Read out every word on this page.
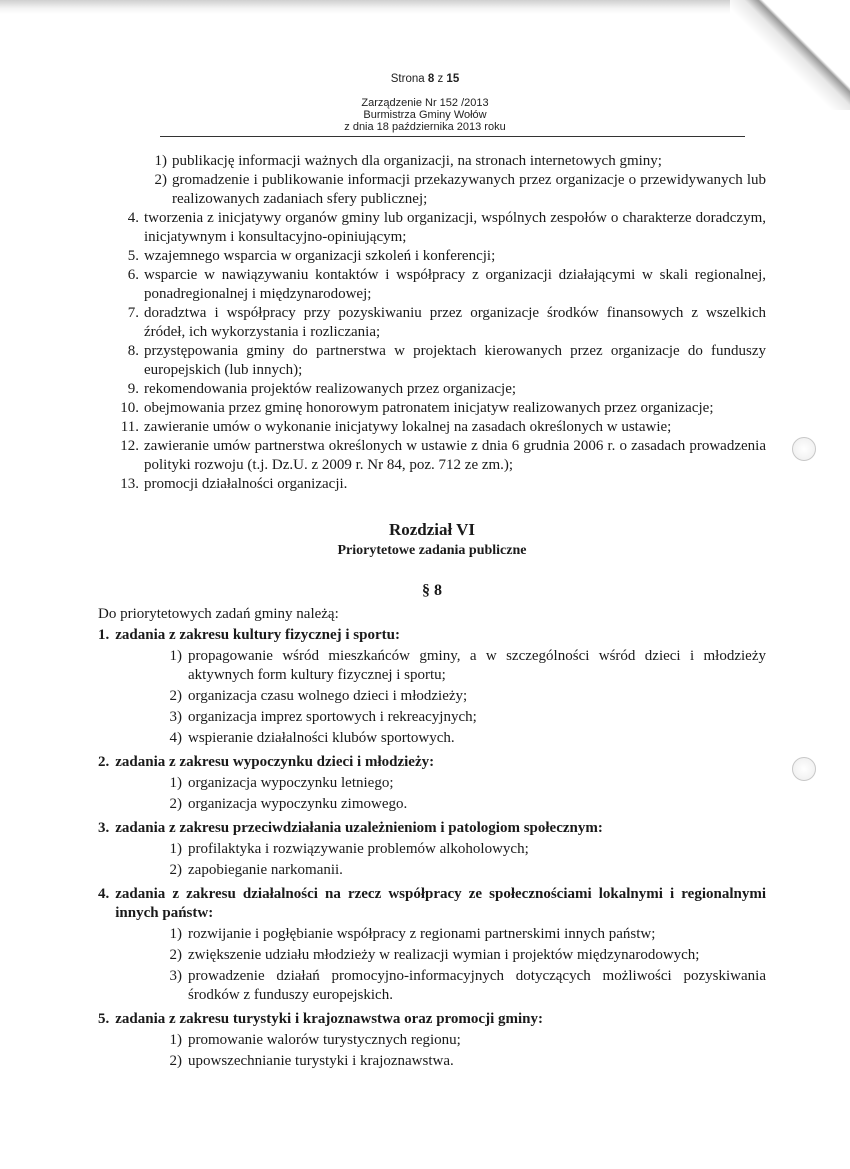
Strona 8 z 15
Zarządzenie Nr 152 /2013
Burmistrza Gminy Wołów
z dnia 18 października 2013 roku
1) publikację informacji ważnych dla organizacji, na stronach internetowych gminy;
2) gromadzenie i publikowanie informacji przekazywanych przez organizacje o przewidywanych lub realizowanych zadaniach sfery publicznej;
4. tworzenia z inicjatywy organów gminy lub organizacji, wspólnych zespołów o charakterze doradczym, inicjatywnym i konsultacyjno-opiniującym;
5. wzajemnego wsparcia w organizacji szkoleń i konferencji;
6. wsparcie w nawiązywaniu kontaktów i współpracy z organizacji działającymi w skali regionalnej, ponadregionalnej i międzynarodowej;
7. doradztwa i współpracy przy pozyskiwaniu przez organizacje środków finansowych z wszelkich źródeł, ich wykorzystania i rozliczania;
8. przystępowania gminy do partnerstwa w projektach kierowanych przez organizacje do funduszy europejskich (lub innych);
9. rekomendowania projektów realizowanych przez organizacje;
10. obejmowania przez gminę honorowym patronatem inicjatyw realizowanych przez organizacje;
11. zawieranie umów o wykonanie inicjatywy lokalnej na zasadach określonych w ustawie;
12. zawieranie umów partnerstwa określonych w ustawie z dnia 6 grudnia 2006 r. o zasadach prowadzenia polityki rozwoju (t.j. Dz.U. z 2009 r. Nr 84, poz. 712 ze zm.);
13. promocji działalności organizacji.
Rozdział VI
Priorytetowe zadania publiczne
§ 8
Do priorytetowych zadań gminy należą:
1. zadania z zakresu kultury fizycznej i sportu:
1) propagowanie wśród mieszkańców gminy, a w szczególności wśród dzieci i młodzieży aktywnych form kultury fizycznej i sportu;
2) organizacja czasu wolnego dzieci i młodzieży;
3) organizacja imprez sportowych i rekreacyjnych;
4) wspieranie działalności klubów sportowych.
2. zadania z zakresu wypoczynku dzieci i młodzieży:
1) organizacja wypoczynku letniego;
2) organizacja wypoczynku zimowego.
3. zadania z zakresu przeciwdziałania uzależnieniom i patologiom społecznym:
1) profilaktyka i rozwiązywanie problemów alkoholowych;
2) zapobieganie narkomanii.
4. zadania z zakresu działalności na rzecz współpracy ze społecznościami lokalnymi i regionalnymi innych państw:
1) rozwijanie i pogłębianie współpracy z regionami partnerskimi innych państw;
2) zwiększenie udziału młodzieży w realizacji wymian i projektów międzynarodowych;
3) prowadzenie działań promocyjno-informacyjnych dotyczących możliwości pozyskiwania środków z funduszy europejskich.
5. zadania z zakresu turystyki i krajoznawstwa oraz promocji gminy:
1) promowanie walorów turystycznych regionu;
2) upowszechnianie turystyki i krajoznawstwa.
